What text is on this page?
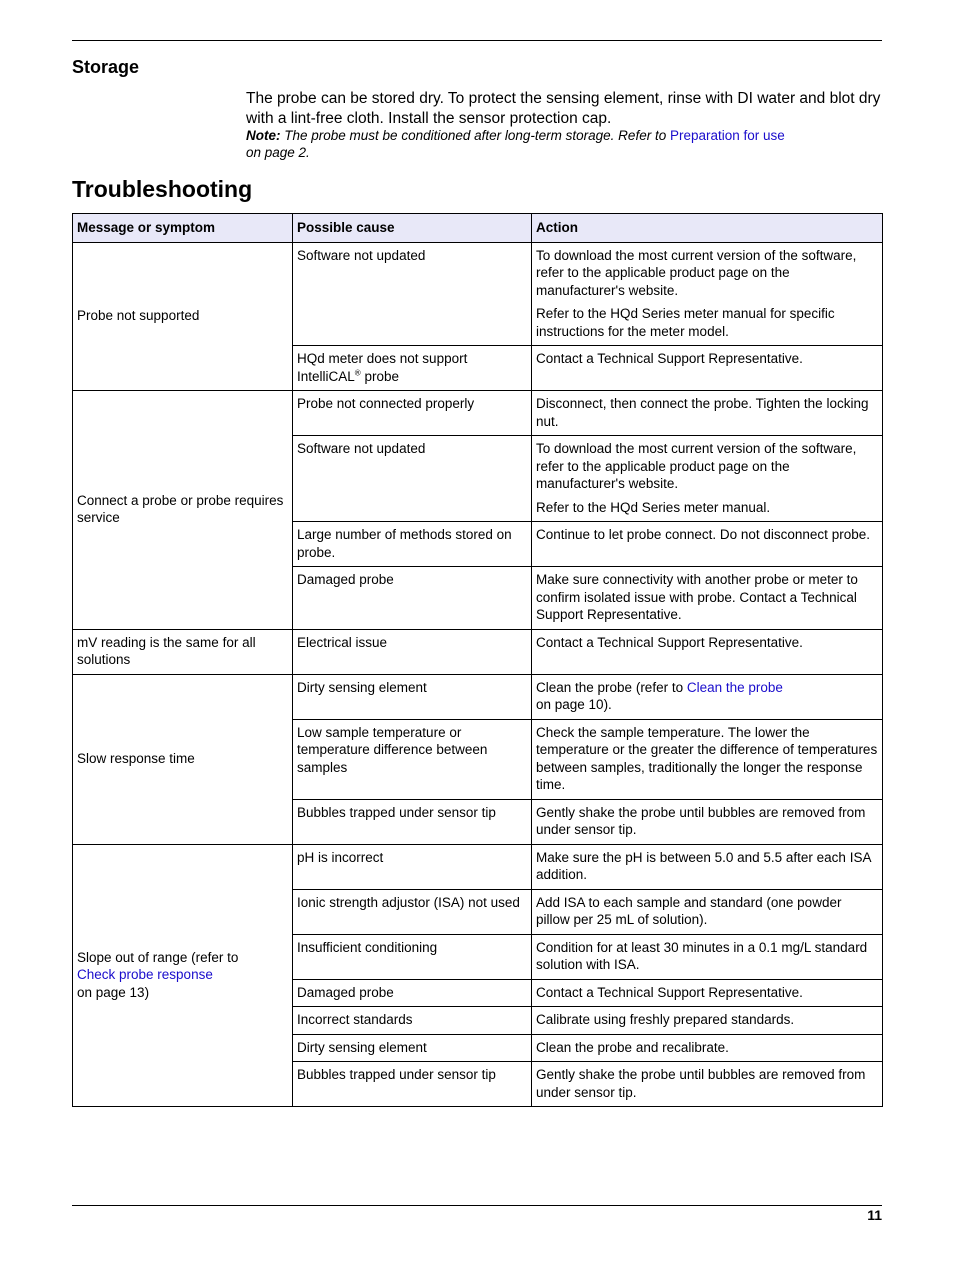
Storage

The probe can be stored dry. To protect the sensing element, rinse with DI water and blot dry with a lint-free cloth. Install the sensor protection cap.

Note: The probe must be conditioned after long-term storage. Refer to Preparation for use
on page 2.

Troubleshooting
Message or symptom	Possible cause	Action
Probe not supported	Software not updated	To download the most current version of the software, refer to the applicable product page on the manufacturer's website.

Refer to the HQd Series meter manual for specific instructions for the meter model.

	HQd meter does not support IntelliCAL® probe	Contact a Technical Support Representative.
Connect a probe or probe requires service	Probe not connected properly	Disconnect, then connect the probe. Tighten the locking nut.
	Software not updated	To download the most current version of the software, refer to the applicable product page on the manufacturer's website.

Refer to the HQd Series meter manual.

	Large number of methods stored on probe.	Continue to let probe connect. Do not disconnect probe.
	Damaged probe	Make sure connectivity with another probe or meter to confirm isolated issue with probe. Contact a Technical Support Representative.
mV reading is the same for all solutions	Electrical issue	Contact a Technical Support Representative.
Slow response time	Dirty sensing element	Clean the probe (refer to Clean the probe
on page 10).
	Low sample temperature or temperature difference between samples	Check the sample temperature. The lower the temperature or the greater the difference of temperatures between samples, traditionally the longer the response time.
	Bubbles trapped under sensor tip	Gently shake the probe until bubbles are removed from under sensor tip.
Slope out of range (refer to
Check probe response
on page 13)	pH is incorrect	Make sure the pH is between 5.0 and 5.5 after each ISA addition.
	Ionic strength adjustor (ISA) not used	Add ISA to each sample and standard (one powder pillow per 25 mL of solution).
	Insufficient conditioning	Condition for at least 30 minutes in a 0.1 mg/L standard solution with ISA.
	Damaged probe	Contact a Technical Support Representative.
	Incorrect standards	Calibrate using freshly prepared standards.
	Dirty sensing element	Clean the probe and recalibrate.
	Bubbles trapped under sensor tip	Gently shake the probe until bubbles are removed from under sensor tip.
11
